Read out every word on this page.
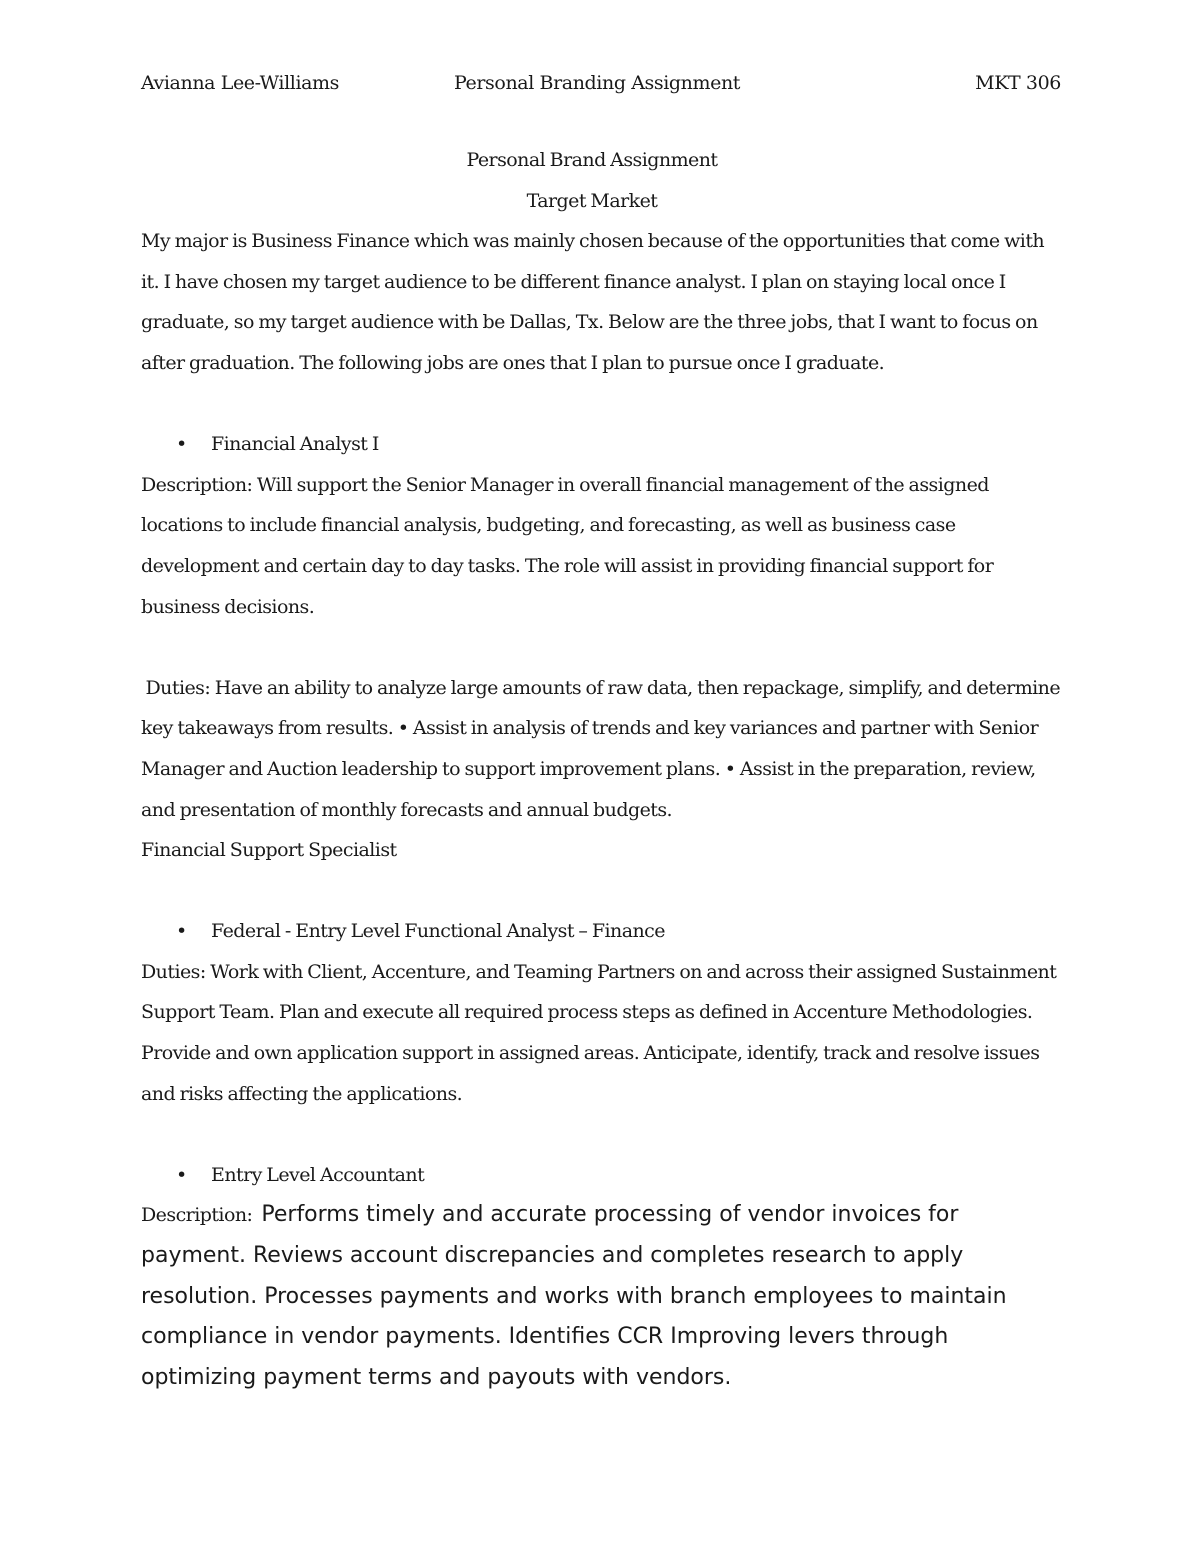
Avianna Lee-Williams	Personal Branding Assignment	MKT 306

Personal Brand Assignment

Target Market

My major is Business Finance which was mainly chosen because of the opportunities that come with it. I have chosen my target audience to be different finance analyst. I plan on staying local once I graduate, so my target audience with be Dallas, Tx. Below are the three jobs, that I want to focus on after graduation. The following jobs are ones that I plan to pursue once I graduate.

• Financial Analyst I

Description: Will support the Senior Manager in overall financial management of the assigned locations to include financial analysis, budgeting, and forecasting, as well as business case development and certain day to day tasks. The role will assist in providing financial support for business decisions.

Duties: Have an ability to analyze large amounts of raw data, then repackage, simplify, and determine key takeaways from results. • Assist in analysis of trends and key variances and partner with Senior Manager and Auction leadership to support improvement plans. • Assist in the preparation, review, and presentation of monthly forecasts and annual budgets.

Financial Support Specialist

• Federal - Entry Level Functional Analyst – Finance

Duties: Work with Client, Accenture, and Teaming Partners on and across their assigned Sustainment Support Team. Plan and execute all required process steps as defined in Accenture Methodologies. Provide and own application support in assigned areas. Anticipate, identify, track and resolve issues and risks affecting the applications.

• Entry Level Accountant

Description:  Performs timely and accurate processing of vendor invoices for payment. Reviews account discrepancies and completes research to apply resolution. Processes payments and works with branch employees to maintain compliance in vendor payments. Identifies CCR Improving levers through optimizing payment terms and payouts with vendors.
